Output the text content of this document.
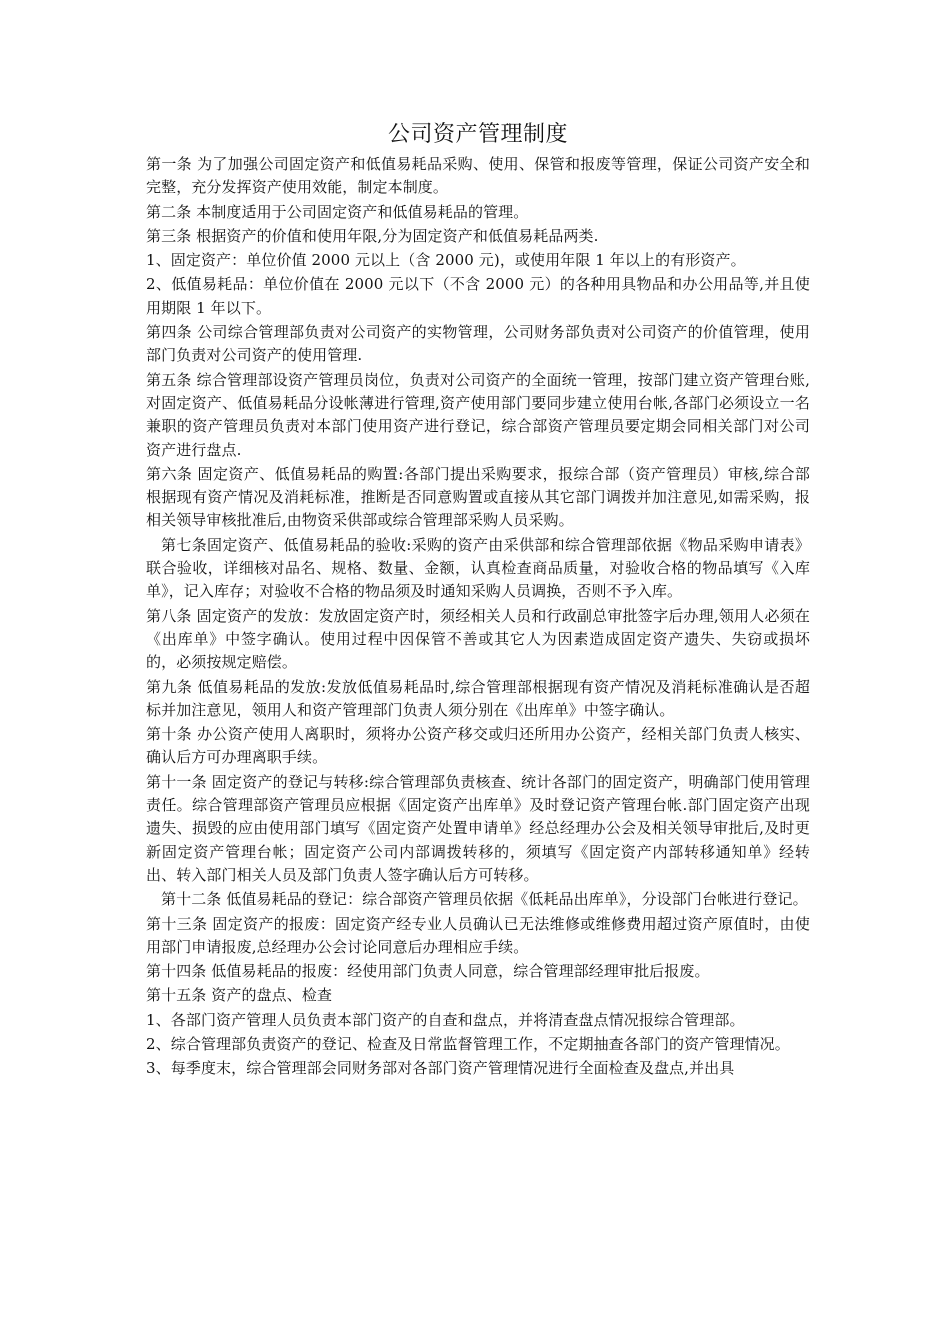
公司资产管理制度

第一条 为了加强公司固定资产和低值易耗品采购、使用、保管和报废等管理，保证公司资产安全和完整，充分发挥资产使用效能，制定本制度。

第二条 本制度适用于公司固定资产和低值易耗品的管理。

第三条 根据资产的价值和使用年限,分为固定资产和低值易耗品两类.

1、固定资产：单位价值 2000 元以上（含 2000 元)，或使用年限 1 年以上的有形资产。

2、低值易耗品：单位价值在 2000 元以下（不含 2000 元）的各种用具物品和办公用品等,并且使用期限 1 年以下。

第四条 公司综合管理部负责对公司资产的实物管理，公司财务部负责对公司资产的价值管理，使用部门负责对公司资产的使用管理.

第五条 综合管理部设资产管理员岗位，负责对公司资产的全面统一管理，按部门建立资产管理台账,对固定资产、低值易耗品分设帐薄进行管理,资产使用部门要同步建立使用台帐,各部门必须设立一名兼职的资产管理员负责对本部门使用资产进行登记，综合部资产管理员要定期会同相关部门对公司资产进行盘点.

第六条 固定资产、低值易耗品的购置:各部门提出采购要求，报综合部（资产管理员）审核,综合部根据现有资产情况及消耗标准，推断是否同意购置或直接从其它部门调拨并加注意见,如需采购，报相关领导审核批准后,由物资采供部或综合管理部采购人员采购。

第七条固定资产、低值易耗品的验收:采购的资产由采供部和综合管理部依据《物品采购申请表》联合验收，详细核对品名、规格、数量、金额，认真检查商品质量，对验收合格的物品填写《入库单》，记入库存；对验收不合格的物品须及时通知采购人员调换，否则不予入库。

第八条 固定资产的发放：发放固定资产时，须经相关人员和行政副总审批签字后办理,领用人必须在《出库单》中签字确认。使用过程中因保管不善或其它人为因素造成固定资产遗失、失窃或损坏的，必须按规定赔偿。

第九条 低值易耗品的发放:发放低值易耗品时,综合管理部根据现有资产情况及消耗标准确认是否超标并加注意见，领用人和资产管理部门负责人须分别在《出库单》中签字确认。

第十条 办公资产使用人离职时，须将办公资产移交或归还所用办公资产，经相关部门负责人核实、确认后方可办理离职手续。

第十一条 固定资产的登记与转移:综合管理部负责核查、统计各部门的固定资产，明确部门使用管理责任。综合管理部资产管理员应根据《固定资产出库单》及时登记资产管理台帐.部门固定资产出现遗失、损毁的应由使用部门填写《固定资产处置申请单》经总经理办公会及相关领导审批后,及时更新固定资产管理台帐；固定资产公司内部调拨转移的，须填写《固定资产内部转移通知单》经转出、转入部门相关人员及部门负责人签字确认后方可转移。

第十二条 低值易耗品的登记：综合部资产管理员依据《低耗品出库单》，分设部门台帐进行登记。

第十三条 固定资产的报废：固定资产经专业人员确认已无法维修或维修费用超过资产原值时，由使用部门申请报废,总经理办公会讨论同意后办理相应手续。

第十四条 低值易耗品的报废：经使用部门负责人同意，综合管理部经理审批后报废。

第十五条 资产的盘点、检查

1、各部门资产管理人员负责本部门资产的自查和盘点，并将清查盘点情况报综合管理部。

2、综合管理部负责资产的登记、检查及日常监督管理工作，不定期抽查各部门的资产管理情况。

3、每季度末，综合管理部会同财务部对各部门资产管理情况进行全面检查及盘点,并出具
